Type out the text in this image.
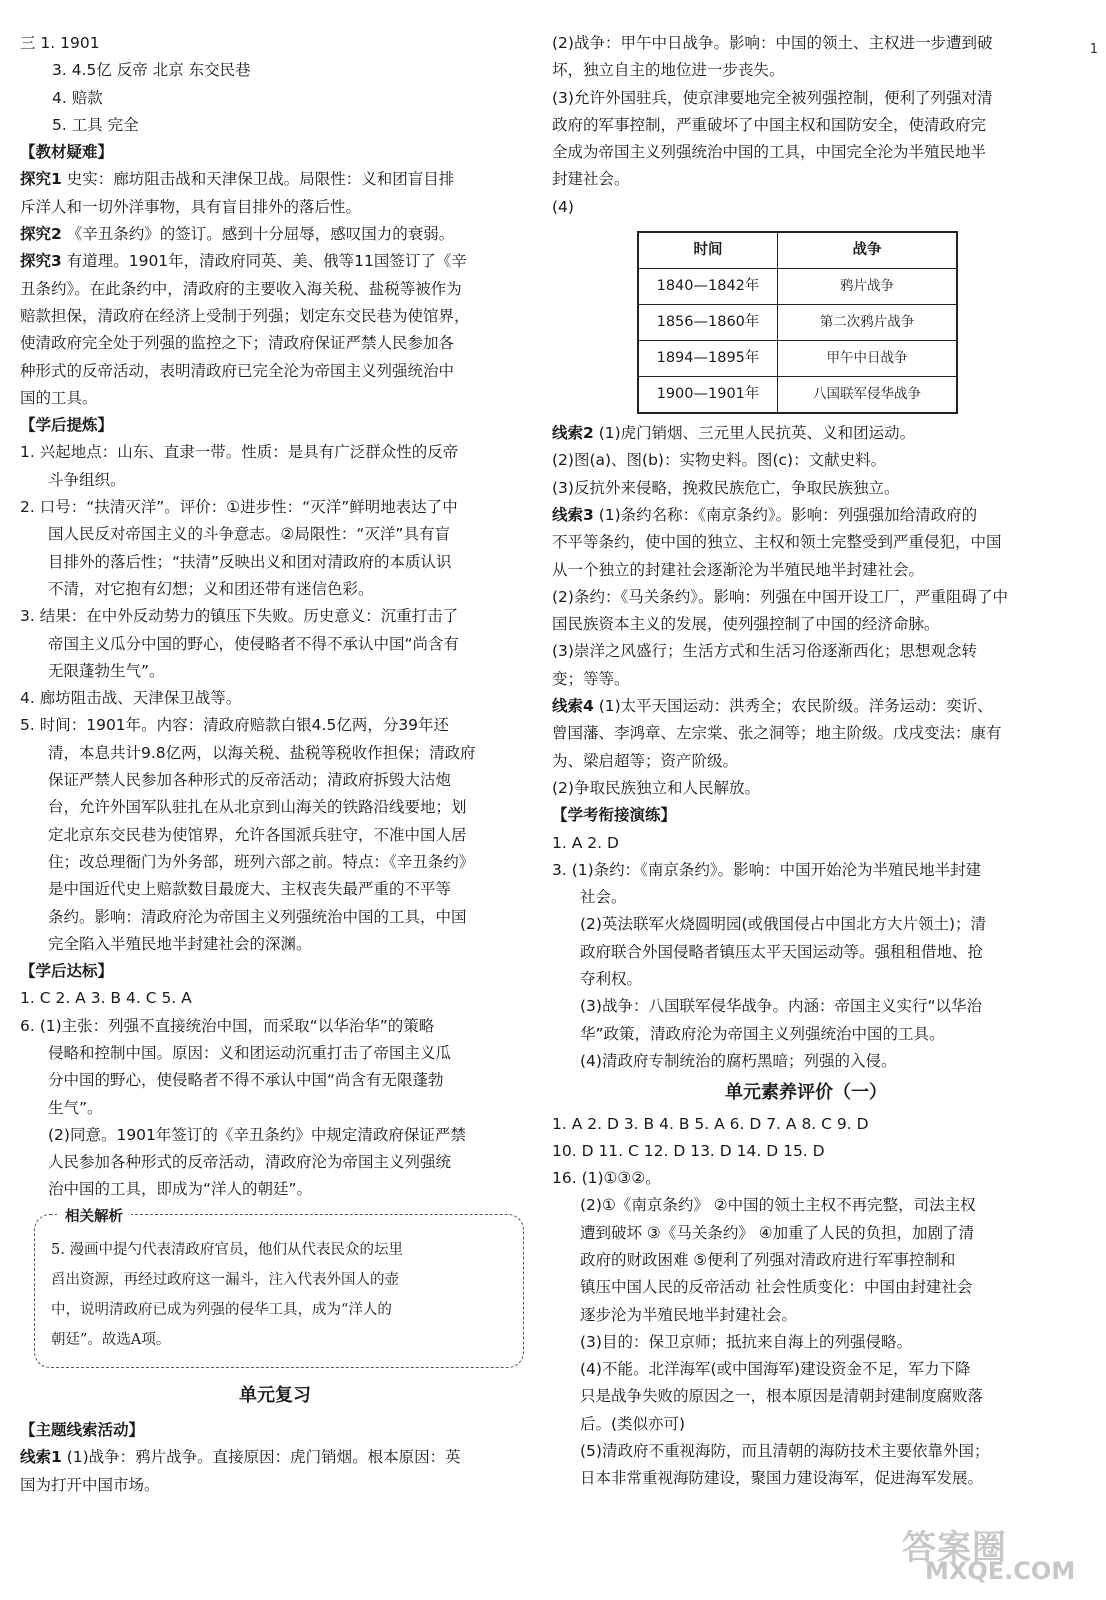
三 1. 1901
3. 4.5亿 反帝 北京 东交民巷
4. 赔款
5. 工具 完全
【教材疑难】
探究1 史实：廊坊阻击战和天津保卫战。局限性：义和团盲目排
斥洋人和一切外洋事物，具有盲目排外的落后性。
探究2 《辛丑条约》的签订。感到十分屈辱，感叹国力的衰弱。
探究3 有道理。1901年，清政府同英、美、俄等11国签订了《辛
丑条约》。在此条约中，清政府的主要收入海关税、盐税等被作为
赔款担保，清政府在经济上受制于列强；划定东交民巷为使馆界，
使清政府完全处于列强的监控之下；清政府保证严禁人民参加各
种形式的反帝活动，表明清政府已完全沦为帝国主义列强统治中
国的工具。
【学后提炼】
1. 兴起地点：山东、直隶一带。性质：是具有广泛群众性的反帝
斗争组织。
2. 口号：“扶清灭洋”。评价：①进步性：“灭洋”鲜明地表达了中
国人民反对帝国主义的斗争意志。②局限性：“灭洋”具有盲
目排外的落后性；“扶清”反映出义和团对清政府的本质认识
不清，对它抱有幻想；义和团还带有迷信色彩。
3. 结果：在中外反动势力的镇压下失败。历史意义：沉重打击了
帝国主义瓜分中国的野心，使侵略者不得不承认中国“尚含有
无限蓬勃生气”。
4. 廊坊阻击战、天津保卫战等。
5. 时间：1901年。内容：清政府赔款白银4.5亿两，分39年还
清，本息共计9.8亿两，以海关税、盐税等税收作担保；清政府
保证严禁人民参加各种形式的反帝活动；清政府拆毁大沽炮
台，允许外国军队驻扎在从北京到山海关的铁路沿线要地；划
定北京东交民巷为使馆界，允许各国派兵驻守，不准中国人居
住；改总理衙门为外务部，班列六部之前。特点：《辛丑条约》
是中国近代史上赔款数目最庞大、主权丧失最严重的不平等
条约。影响：清政府沦为帝国主义列强统治中国的工具，中国
完全陷入半殖民地半封建社会的深渊。
【学后达标】
1. C 2. A 3. B 4. C 5. A
6. (1)主张：列强不直接统治中国，而采取“以华治华”的策略
侵略和控制中国。原因：义和团运动沉重打击了帝国主义瓜
分中国的野心，使侵略者不得不承认中国“尚含有无限蓬勃
生气”。
(2)同意。1901年签订的《辛丑条约》中规定清政府保证严禁
人民参加各种形式的反帝活动，清政府沦为帝国主义列强统
治中国的工具，即成为“洋人的朝廷”。
相关解析
5. 漫画中提勺代表清政府官员，他们从代表民众的坛里
舀出资源，再经过政府这一漏斗，注入代表外国人的壶
中，说明清政府已成为列强的侵华工具，成为“洋人的
朝廷”。故选A项。
单元复习
【主题线索活动】
线索1 (1)战争：鸦片战争。直接原因：虎门销烟。根本原因：英
国为打开中国市场。
(2)战争：甲午中日战争。影响：中国的领土、主权进一步遭到破
坏，独立自主的地位进一步丧失。
(3)允许外国驻兵，使京津要地完全被列强控制，便利了列强对清
政府的军事控制，严重破坏了中国主权和国防安全，使清政府完
全成为帝国主义列强统治中国的工具，中国完全沦为半殖民地半
封建社会。
(4)
时间	战争
1840—1842年	鸦片战争
1856—1860年	第二次鸦片战争
1894—1895年	甲午中日战争
1900—1901年	八国联军侵华战争
线索2 (1)虎门销烟、三元里人民抗英、义和团运动。
(2)图(a)、图(b)：实物史料。图(c)：文献史料。
(3)反抗外来侵略，挽救民族危亡，争取民族独立。
线索3 (1)条约名称：《南京条约》。影响：列强强加给清政府的
不平等条约，使中国的独立、主权和领土完整受到严重侵犯，中国
从一个独立的封建社会逐渐沦为半殖民地半封建社会。
(2)条约：《马关条约》。影响：列强在中国开设工厂，严重阻碍了中
国民族资本主义的发展，使列强控制了中国的经济命脉。
(3)崇洋之风盛行；生活方式和生活习俗逐渐西化；思想观念转
变；等等。
线索4 (1)太平天国运动：洪秀全；农民阶级。洋务运动：奕䜣、
曾国藩、李鸿章、左宗棠、张之洞等；地主阶级。戊戌变法：康有
为、梁启超等；资产阶级。
(2)争取民族独立和人民解放。
【学考衔接演练】
1. A 2. D
3. (1)条约：《南京条约》。影响：中国开始沦为半殖民地半封建
社会。
(2)英法联军火烧圆明园(或俄国侵占中国北方大片领土)；清
政府联合外国侵略者镇压太平天国运动等。强租租借地、抢
夺利权。
(3)战争：八国联军侵华战争。内涵：帝国主义实行“以华治
华”政策，清政府沦为帝国主义列强统治中国的工具。
(4)清政府专制统治的腐朽黑暗；列强的入侵。
单元素养评价（一）
1. A 2. D 3. B 4. B 5. A 6. D 7. A 8. C 9. D
10. D 11. C 12. D 13. D 14. D 15. D
16. (1)①③②。
(2)①《南京条约》 ②中国的领土主权不再完整，司法主权
遭到破坏 ③《马关条约》 ④加重了人民的负担，加剧了清
政府的财政困难 ⑤便利了列强对清政府进行军事控制和
镇压中国人民的反帝活动 社会性质变化：中国由封建社会
逐步沦为半殖民地半封建社会。
(3)目的：保卫京师；抵抗来自海上的列强侵略。
(4)不能。北洋海军(或中国海军)建设资金不足，军力下降
只是战争失败的原因之一，根本原因是清朝封建制度腐败落
后。(类似亦可)
(5)清政府不重视海防，而且清朝的海防技术主要依靠外国；
日本非常重视海防建设，聚国力建设海军，促进海军发展。
1
答案圈
MXQE.COM
